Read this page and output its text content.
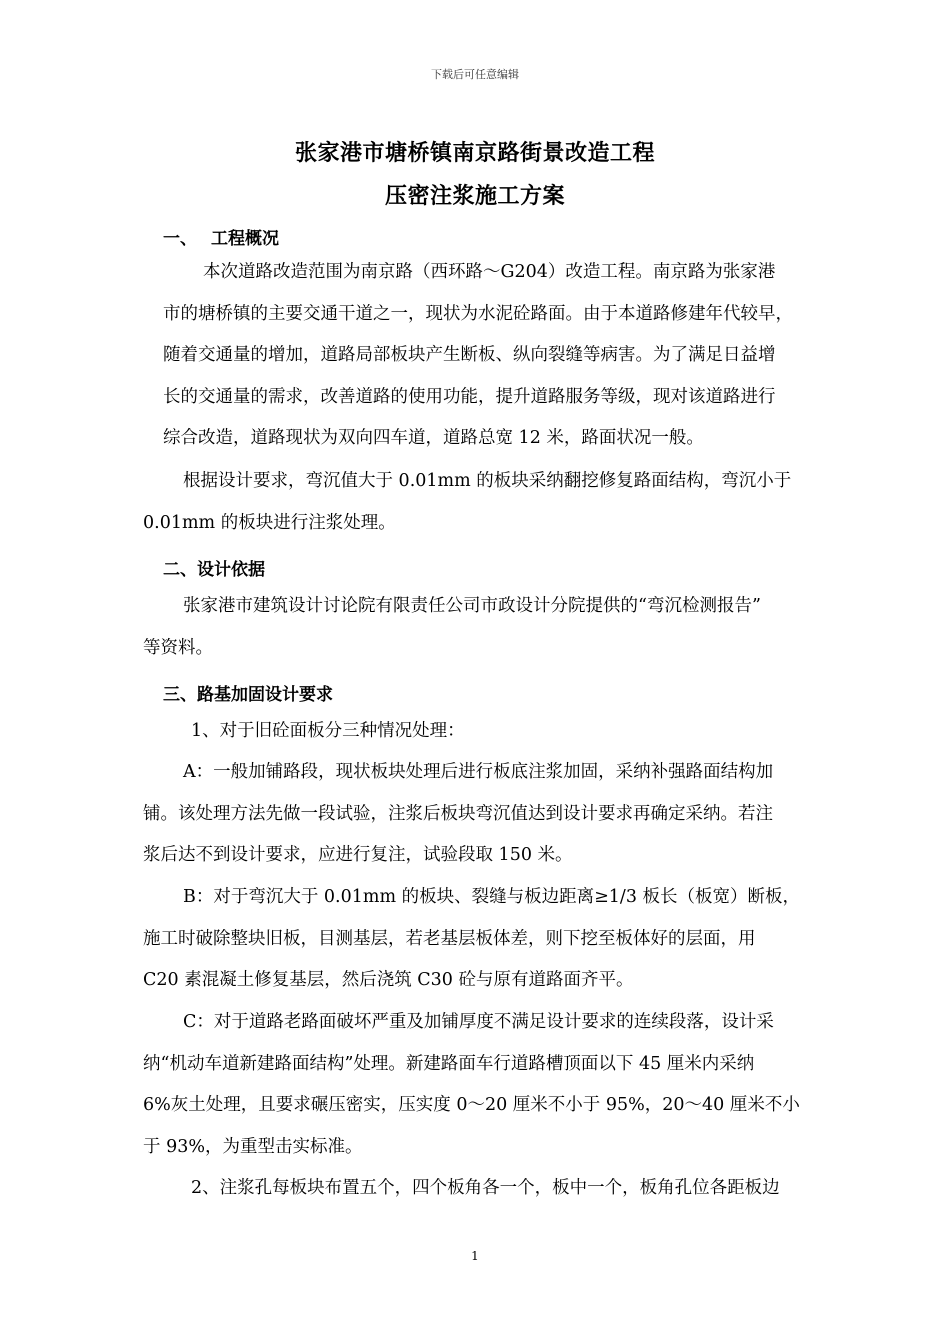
下载后可任意编辑
张家港市塘桥镇南京路街景改造工程
压密注浆施工方案
一、 工程概况
本次道路改造范围为南京路（西环路～G204）改造工程。南京路为张家港
市的塘桥镇的主要交通干道之一，现状为水泥砼路面。由于本道路修建年代较早，
随着交通量的增加，道路局部板块产生断板、纵向裂缝等病害。为了满足日益增
长的交通量的需求，改善道路的使用功能，提升道路服务等级，现对该道路进行
综合改造，道路现状为双向四车道，道路总宽 12 米，路面状况一般。
根据设计要求，弯沉值大于 0.01mm 的板块采纳翻挖修复路面结构，弯沉小于
0.01mm 的板块进行注浆处理。
二、设计依据
张家港市建筑设计讨论院有限责任公司市政设计分院提供的“弯沉检测报告”
等资料。
三、路基加固设计要求
1、对于旧砼面板分三种情况处理：
A：一般加铺路段，现状板块处理后进行板底注浆加固，采纳补强路面结构加
铺。该处理方法先做一段试验，注浆后板块弯沉值达到设计要求再确定采纳。若注
浆后达不到设计要求，应进行复注，试验段取 150 米。
B：对于弯沉大于 0.01mm 的板块、裂缝与板边距离≥1/3 板长（板宽）断板，
施工时破除整块旧板，目测基层，若老基层板体差，则下挖至板体好的层面，用
C20 素混凝土修复基层，然后浇筑 C30 砼与原有道路面齐平。
C：对于道路老路面破坏严重及加铺厚度不满足设计要求的连续段落，设计采
纳“机动车道新建路面结构”处理。新建路面车行道路槽顶面以下 45 厘米内采纳
6%灰土处理，且要求碾压密实，压实度 0～20 厘米不小于 95%，20～40 厘米不小
于 93%，为重型击实标准。
2、注浆孔每板块布置五个，四个板角各一个，板中一个，板角孔位各距板边
1
